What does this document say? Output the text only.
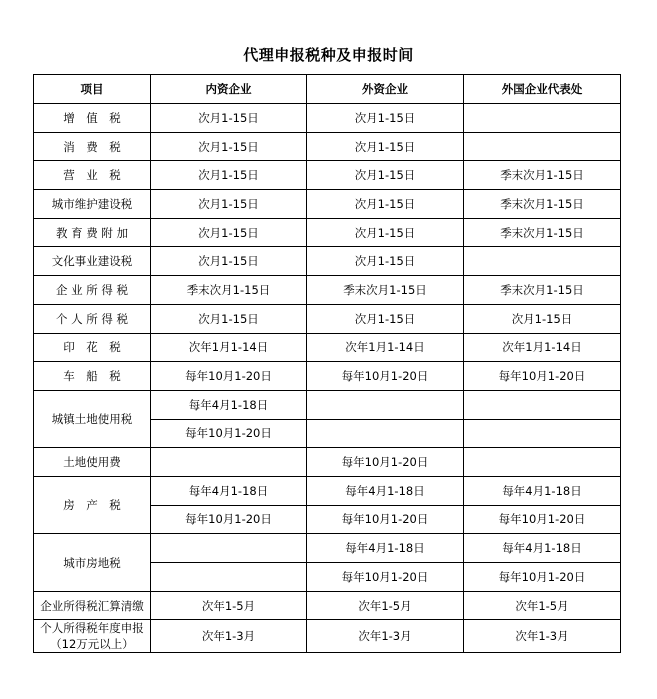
代理申报税种及申报时间
项目	内资企业	外资企业	外国企业代表处
增　值　税	次月1-15日	次月1-15日	
消　费　税	次月1-15日	次月1-15日	
营　业　税	次月1-15日	次月1-15日	季末次月1-15日
城市维护建设税	次月1-15日	次月1-15日	季末次月1-15日
教 育 费 附 加	次月1-15日	次月1-15日	季末次月1-15日
文化事业建设税	次月1-15日	次月1-15日	
企 业 所 得 税	季末次月1-15日	季末次月1-15日	季末次月1-15日
个 人 所 得 税	次月1-15日	次月1-15日	次月1-15日
印　花　税	次年1月1-14日	次年1月1-14日	次年1月1-14日
车　船　税	每年10月1-20日	每年10月1-20日	每年10月1-20日
城镇土地使用税	每年4月1-18日		
	每年10月1-20日		
土地使用费		每年10月1-20日	
房　产　税	每年4月1-18日	每年4月1-18日	每年4月1-18日
	每年10月1-20日	每年10月1-20日	每年10月1-20日
城市房地税		每年4月1-18日	每年4月1-18日
		每年10月1-20日	每年10月1-20日
企业所得税汇算清缴	次年1-5月	次年1-5月	次年1-5月

个人所得税年度申报
（12万元以上）	次年1-3月	次年1-3月	次年1-3月
